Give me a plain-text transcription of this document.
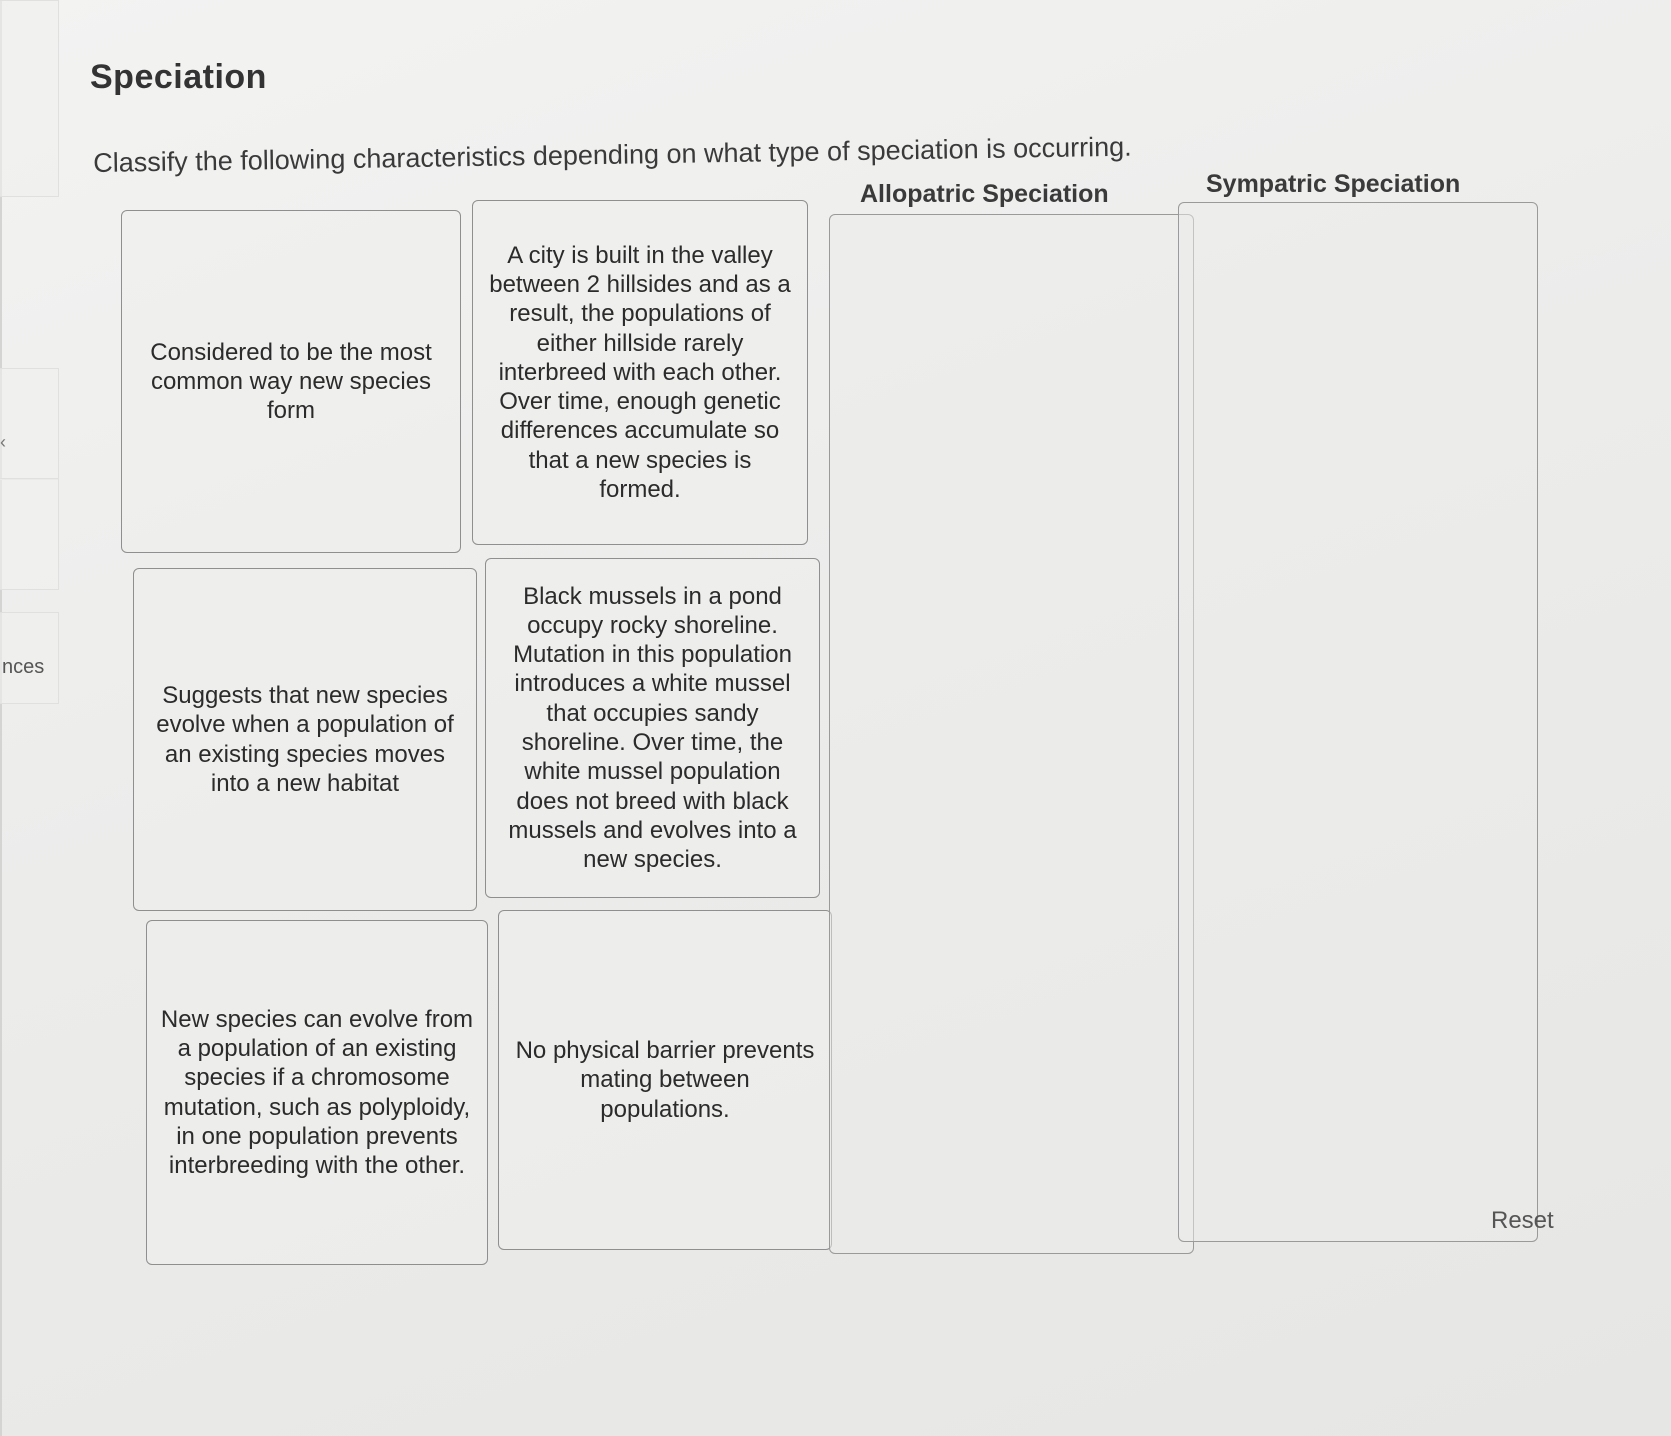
‹
nces
Speciation
Classify the following characteristics depending on what type of speciation is occurring.
Allopatric Speciation	Sympatric Speciation
Considered to be the most common way new species form
A city is built in the valley between 2 hillsides and as a result, the populations of either hillside rarely interbreed with each other. Over time, enough genetic differences accumulate so that a new species is formed.
Suggests that new species evolve when a population of an existing species moves into a new habitat
Black mussels in a pond occupy rocky shoreline. Mutation in this population introduces a white mussel that occupies sandy shoreline. Over time, the white mussel population does not breed with black mussels and evolves into a new species.
New species can evolve from a population of an existing species if a chromosome mutation, such as polyploidy, in one population prevents interbreeding with the other.
No physical barrier prevents mating between populations.
Reset
